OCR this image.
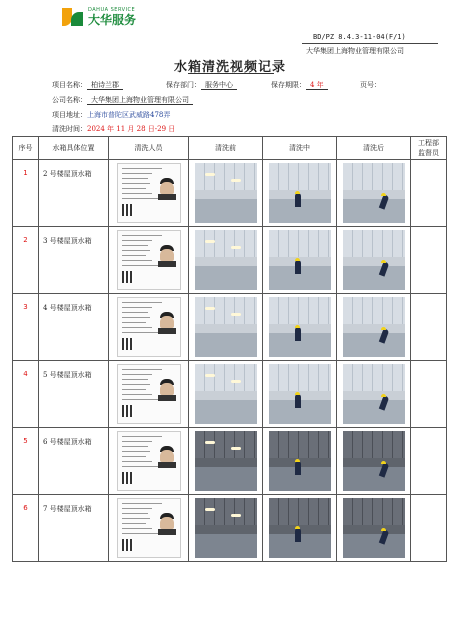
DAHUA SERVICE
大华服务
BD/PZ 8.4.3-11-04(F/1)
大华集团上海物业管理有限公司
水箱清洗视频记录
项目名称： 柏诗兰郡	保存部门： 服务中心	保存期限： 4 年	页号：
公司名称： 大华集团上海物业管理有限公司
项目地址：上海市普陀区武威路478弄
清洗时间：2024 年 11 月 28 日-29 日
序号	水箱具体位置	清洗人员	清洗前	清洗中	清洗后	工程部
监督员

1	2 号楼屋顶水箱	

2	3 号楼屋顶水箱	

3	4 号楼屋顶水箱	

4	5 号楼屋顶水箱	

5	6 号楼屋顶水箱	

6	7 号楼屋顶水箱	
